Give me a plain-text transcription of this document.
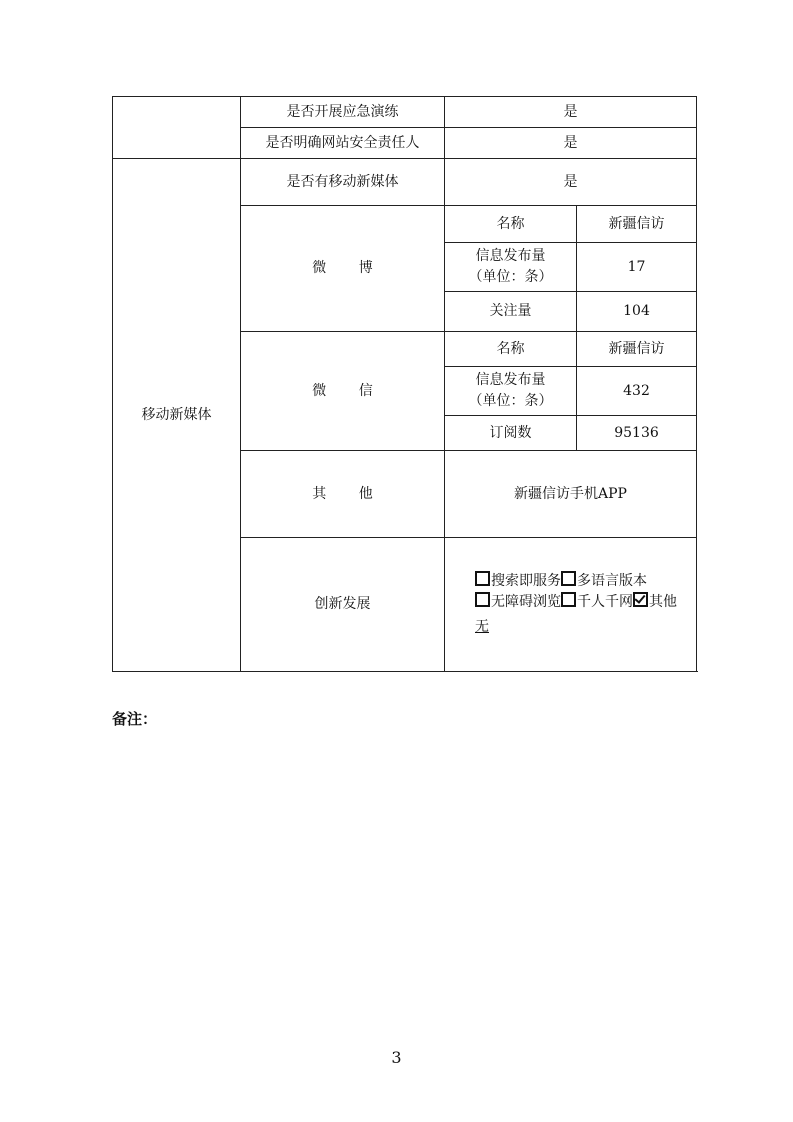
	是否开展应急演练	是	
	是否明确网站安全责任人	是	
移动新媒体	是否有移动新媒体	是	
	微 博	名称	新疆信访

		信息发布量
（单位：条）	17
		关注量	104
	微 信	名称	新疆信访

		信息发布量
（单位：条）	432
		订阅数	95136
	其 他	新疆信访手机APP	
	创新发展	搜索即服务 多语言版本无障碍浏览 千人千网 其他
无	
备注：
3
